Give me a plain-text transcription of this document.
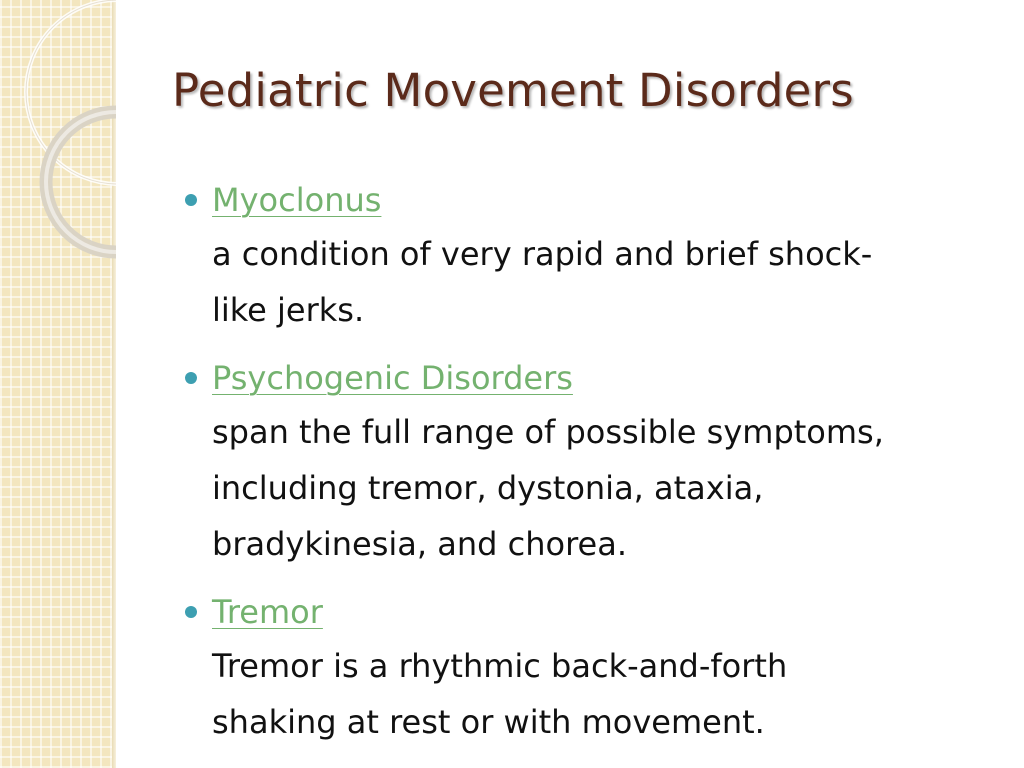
Pediatric Movement Disorders
Myoclonus
a condition of very rapid and brief shock-
like jerks.
Psychogenic Disorders
span the full range of possible symptoms,
including tremor, dystonia, ataxia,
bradykinesia, and chorea.
Tremor
Tremor is a rhythmic back-and-forth
shaking at rest or with movement.
